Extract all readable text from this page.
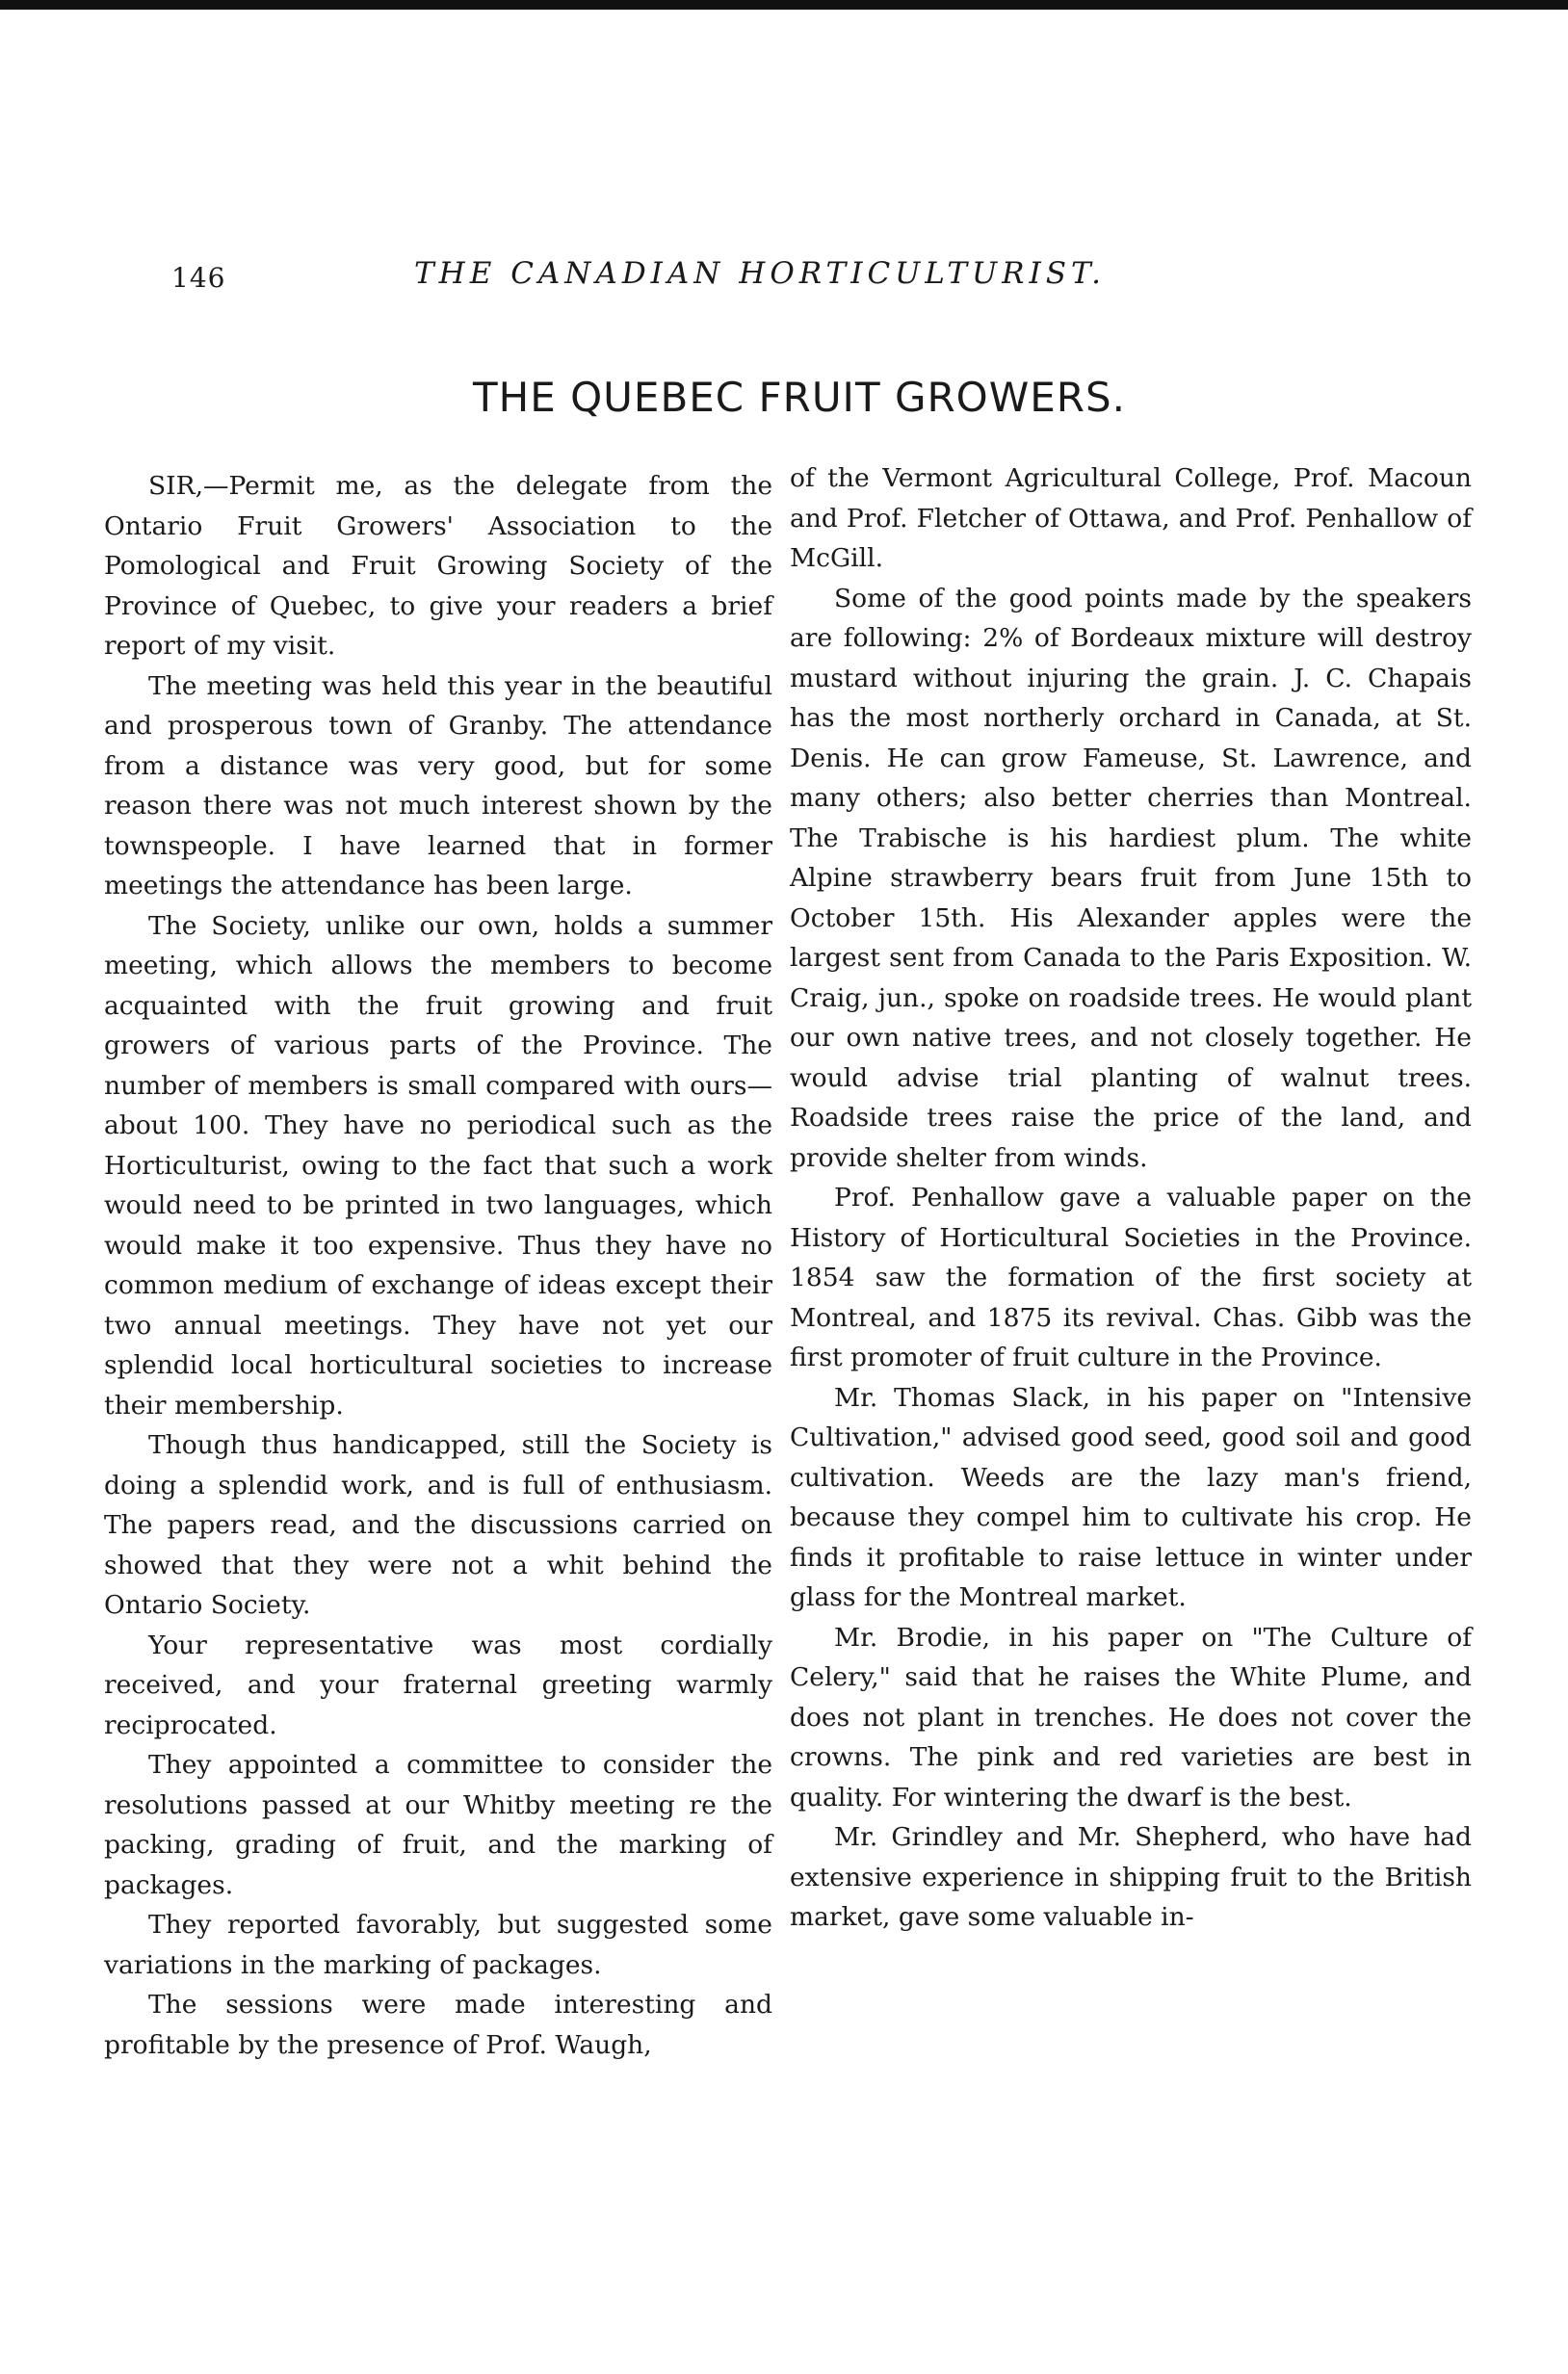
146	THE CANADIAN HORTICULTURIST.
THE QUEBEC FRUIT GROWERS.

SIR,—Permit me, as the delegate from the Ontario Fruit Growers' Association to the Pomological and Fruit Growing Society of the Province of Quebec, to give your readers a brief report of my visit.

The meeting was held this year in the beautiful and prosperous town of Granby. The attendance from a distance was very good, but for some reason there was not much interest shown by the townspeople. I have learned that in former meetings the attendance has been large.

The Society, unlike our own, holds a summer meeting, which allows the members to become acquainted with the fruit growing and fruit growers of various parts of the Province. The number of members is small compared with ours—about 100. They have no periodical such as the Horticulturist, owing to the fact that such a work would need to be printed in two languages, which would make it too expensive. Thus they have no common medium of exchange of ideas except their two annual meetings. They have not yet our splendid local horticultural societies to increase their membership.

Though thus handicapped, still the Society is doing a splendid work, and is full of enthusiasm. The papers read, and the discussions carried on showed that they were not a whit behind the Ontario Society.

Your representative was most cordially received, and your fraternal greeting warmly reciprocated.

They appointed a committee to consider the resolutions passed at our Whitby meeting re the packing, grading of fruit, and the marking of packages.

They reported favorably, but suggested some variations in the marking of packages.

The sessions were made interesting and profitable by the presence of Prof. Waugh,

of the Vermont Agricultural College, Prof. Macoun and Prof. Fletcher of Ottawa, and Prof. Penhallow of McGill.

Some of the good points made by the speakers are following: 2% of Bordeaux mixture will destroy mustard without injuring the grain. J. C. Chapais has the most northerly orchard in Canada, at St. Denis. He can grow Fameuse, St. Lawrence, and many others; also better cherries than Montreal. The Trabische is his hardiest plum. The white Alpine strawberry bears fruit from June 15th to October 15th. His Alexander apples were the largest sent from Canada to the Paris Exposition. W. Craig, jun., spoke on roadside trees. He would plant our own native trees, and not closely together. He would advise trial planting of walnut trees. Roadside trees raise the price of the land, and provide shelter from winds.

Prof. Penhallow gave a valuable paper on the History of Horticultural Societies in the Province. 1854 saw the formation of the first society at Montreal, and 1875 its revival. Chas. Gibb was the first promoter of fruit culture in the Province.

Mr. Thomas Slack, in his paper on "Intensive Cultivation," advised good seed, good soil and good cultivation. Weeds are the lazy man's friend, because they compel him to cultivate his crop. He finds it profitable to raise lettuce in winter under glass for the Montreal market.

Mr. Brodie, in his paper on "The Culture of Celery," said that he raises the White Plume, and does not plant in trenches. He does not cover the crowns. The pink and red varieties are best in quality. For wintering the dwarf is the best.

Mr. Grindley and Mr. Shepherd, who have had extensive experience in shipping fruit to the British market, gave some valuable in-
